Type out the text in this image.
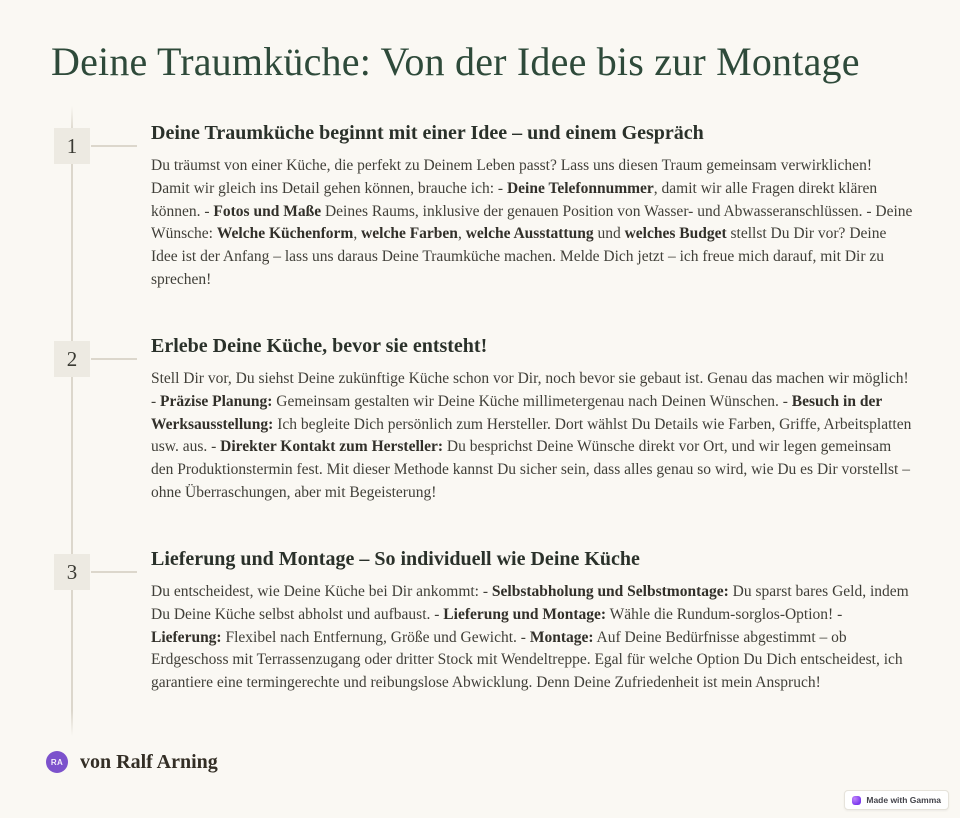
Deine Traumküche: Von der Idee bis zur Montage
1
2
3
Deine Traumküche beginnt mit einer Idee – und einem Gespräch

Du träumst von einer Küche, die perfekt zu Deinem Leben passt? Lass uns diesen Traum gemeinsam verwirklichen! Damit wir gleich ins Detail gehen können, brauche ich: - Deine Telefonnummer, damit wir alle Fragen direkt klären können. - Fotos und Maße Deines Raums, inklusive der genauen Position von Wasser- und Abwasseranschlüssen. - Deine Wünsche: Welche Küchenform, welche Farben, welche Ausstattung und welches Budget stellst Du Dir vor? Deine Idee ist der Anfang – lass uns daraus Deine Traumküche machen. Melde Dich jetzt – ich freue mich darauf, mit Dir zu sprechen!

Erlebe Deine Küche, bevor sie entsteht!

Stell Dir vor, Du siehst Deine zukünftige Küche schon vor Dir, noch bevor sie gebaut ist. Genau das machen wir möglich! - Präzise Planung: Gemeinsam gestalten wir Deine Küche millimetergenau nach Deinen Wünschen. - Besuch in der Werksausstellung: Ich begleite Dich persönlich zum Hersteller. Dort wählst Du Details wie Farben, Griffe, Arbeitsplatten usw. aus. - Direkter Kontakt zum Hersteller: Du besprichst Deine Wünsche direkt vor Ort, und wir legen gemeinsam den Produktionstermin fest. Mit dieser Methode kannst Du sicher sein, dass alles genau so wird, wie Du es Dir vorstellst – ohne Überraschungen, aber mit Begeisterung!

Lieferung und Montage – So individuell wie Deine Küche

Du entscheidest, wie Deine Küche bei Dir ankommt: - Selbstabholung und Selbstmontage: Du sparst bares Geld, indem Du Deine Küche selbst abholst und aufbaust. - Lieferung und Montage: Wähle die Rundum-sorglos-Option! - Lieferung: Flexibel nach Entfernung, Größe und Gewicht. - Montage: Auf Deine Bedürfnisse abgestimmt – ob Erdgeschoss mit Terrassenzugang oder dritter Stock mit Wendeltreppe. Egal für welche Option Du Dich entscheidest, ich garantiere eine termingerechte und reibungslose Abwicklung. Denn Deine Zufriedenheit ist mein Anspruch!

RA von Ralf Arning
Made with Gamma
